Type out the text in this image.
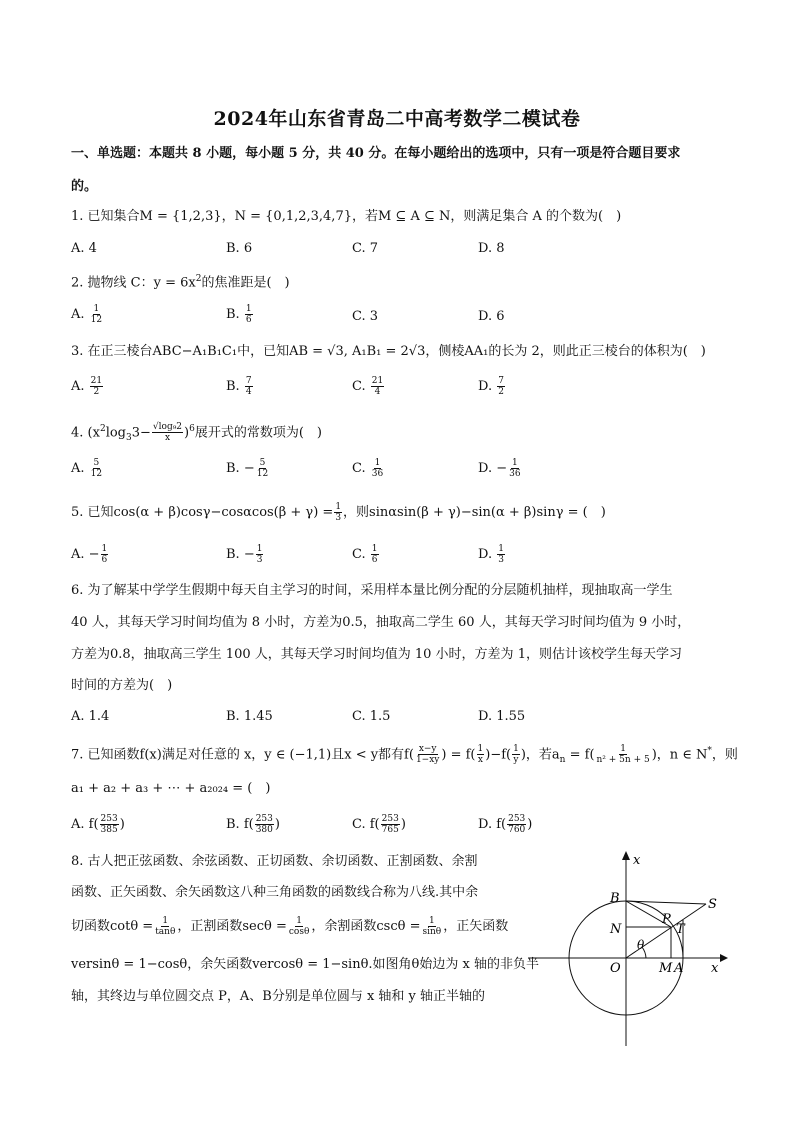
2024年山东省青岛二中高考数学二模试卷
一、单选题：本题共 8 小题，每小题 5 分，共 40 分。在每小题给出的选项中，只有一项是符合题目要求
的。
1. 已知集合M = {1,2,3}，N = {0,1,2,3,4,7}，若M ⊆ A ⊆ N，则满足集合 A 的个数为(　)
A. 4	B. 6	C. 7	D. 8
2. 抛物线 C：$y = 6x^2$的焦准距是(　)
A. $\frac{1}{12}$	B. $\frac{1}{6}$	C. 3	D. 6
3. 在正三棱台ABC−A₁B₁C₁中，已知AB = √3, A₁B₁ = 2√3，侧棱AA₁的长为 2，则此正三棱台的体积为(　)
A. $\frac{21}{2}$	B. $\frac{7}{4}$	C. $\frac{21}{4}$	D. $\frac{7}{2}$
4. $(x^2\log_33- \frac{\text{√log₉2}}{x} )^6$展开式的常数项为(　)
A. $\frac{5}{12}$	B. − $\frac{5}{12}$	C. $\frac{1}{36}$	D. − $\frac{1}{36}$
5. 已知$\cos(\alpha + \beta)\cos\gamma-\cos\alpha\cos(\beta + \gamma) = \frac{1}{3}$ ，则sinαsin(β + γ)−sin(α + β)sinγ = (　)
A. − $\frac{1}{6}$	B. − $\frac{1}{3}$	C. $\frac{1}{6}$	D. $\frac{1}{3}$
6. 为了解某中学学生假期中每天自主学习的时间，采用样本量比例分配的分层随机抽样，现抽取高一学生
40 人，其每天学习时间均值为 8 小时，方差为0.5，抽取高二学生 60 人，其每天学习时间均值为 9 小时，
方差为0.8，抽取高三学生 100 人，其每天学习时间均值为 10 小时，方差为 1，则估计该校学生每天学习
时间的方差为(　)
A. 1.4	B. 1.45	C. 1.5	D. 1.55
7. 已知函数f(x)满足对任意的 x，y ∈ (−1,1)且x < y都有$f( \frac{x-y}{1-xy}$ ) = $f( \frac{1}{x} )-f( \frac{1}{y}$ )，若$a_n = f( \frac{1}{\text{n² + 5n + 5}}$ )，n ∈ N*，则
a₁ + a₂ + a₃ + ⋯ + a₂₀₂₄ = (　)
A. $f( \frac{253}{385}$ )	B. $f( \frac{253}{380}$ )	C. $f( \frac{253}{765}$ )	D. $f( \frac{253}{760}$ )
8. 古人把正弦函数、余弦函数、正切函数、余切函数、正割函数、余割
函数、正矢函数、余矢函数这八种三角函数的函数线合称为八线.其中余
切函数$\cot\theta = \frac{1}{\tan\theta}$ ，正割函数$\sec\theta = \frac{1}{\cos\theta}$ ，余割函数$\csc\theta = \frac{1}{\sin\theta}$ ，正矢函数
versinθ = 1−cosθ，余矢函数vercosθ = 1−sinθ.如图角θ始边为 x 轴的非负半
轴，其终边与单位圆交点 P，A、B分别是单位圆与 x 轴和 y 轴正半轴的
x
x
B	S
N
P
T
θ
O	M A
